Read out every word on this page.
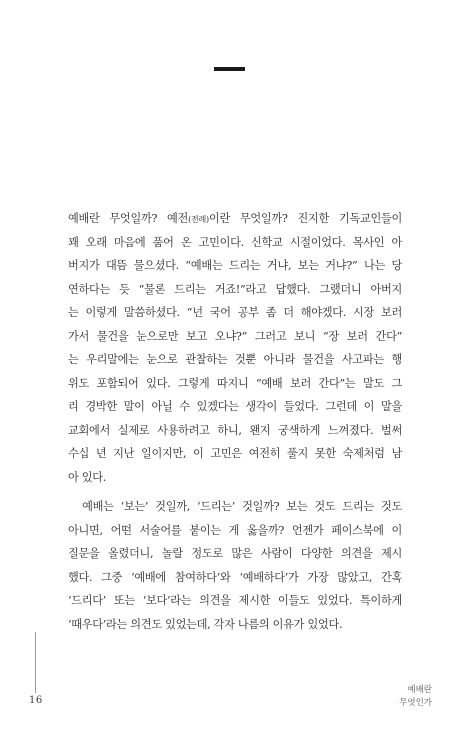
예배란 무엇일까? 예전(전례)이란 무엇일까? 진지한 기독교인들이
꽤 오래 마음에 품어 온 고민이다. 신학교 시절이었다. 목사인 아
버지가 대뜸 물으셨다. “예배는 드리는 거냐, 보는 거냐?” 나는 당
연하다는 듯 “물론 드리는 거죠!”라고 답했다. 그랬더니 아버지
는 이렇게 말씀하셨다. “넌 국어 공부 좀 더 해야겠다. 시장 보러
가서 물건을 눈으로만 보고 오냐?” 그러고 보니 “장 보러 간다”
는 우리말에는 눈으로 관찰하는 것뿐 아니라 물건을 사고파는 행
위도 포함되어 있다. 그렇게 따지니 “예배 보러 간다”는 말도 그
리 경박한 말이 아닐 수 있겠다는 생각이 들었다. 그런데 이 말을
교회에서 실제로 사용하려고 하니, 왠지 궁색하게 느껴졌다. 벌써
수십 년 지난 일이지만, 이 고민은 여전히 풀지 못한 숙제처럼 남
아 있다.
예배는 ‘보는’ 것일까, ‘드리는’ 것일까? 보는 것도 드리는 것도
아니면, 어떤 서술어를 붙이는 게 옳을까? 언젠가 페이스북에 이
질문을 올렸더니, 놀랄 정도로 많은 사람이 다양한 의견을 제시
했다. 그중 ‘예배에 참여하다’와 ‘예배하다’가 가장 많았고, 간혹
‘드리다’ 또는 ‘보다’라는 의견을 제시한 이들도 있었다. 특이하게
‘때우다’라는 의견도 있었는데, 각자 나름의 이유가 있었다.
16
예배란
무엇인가
